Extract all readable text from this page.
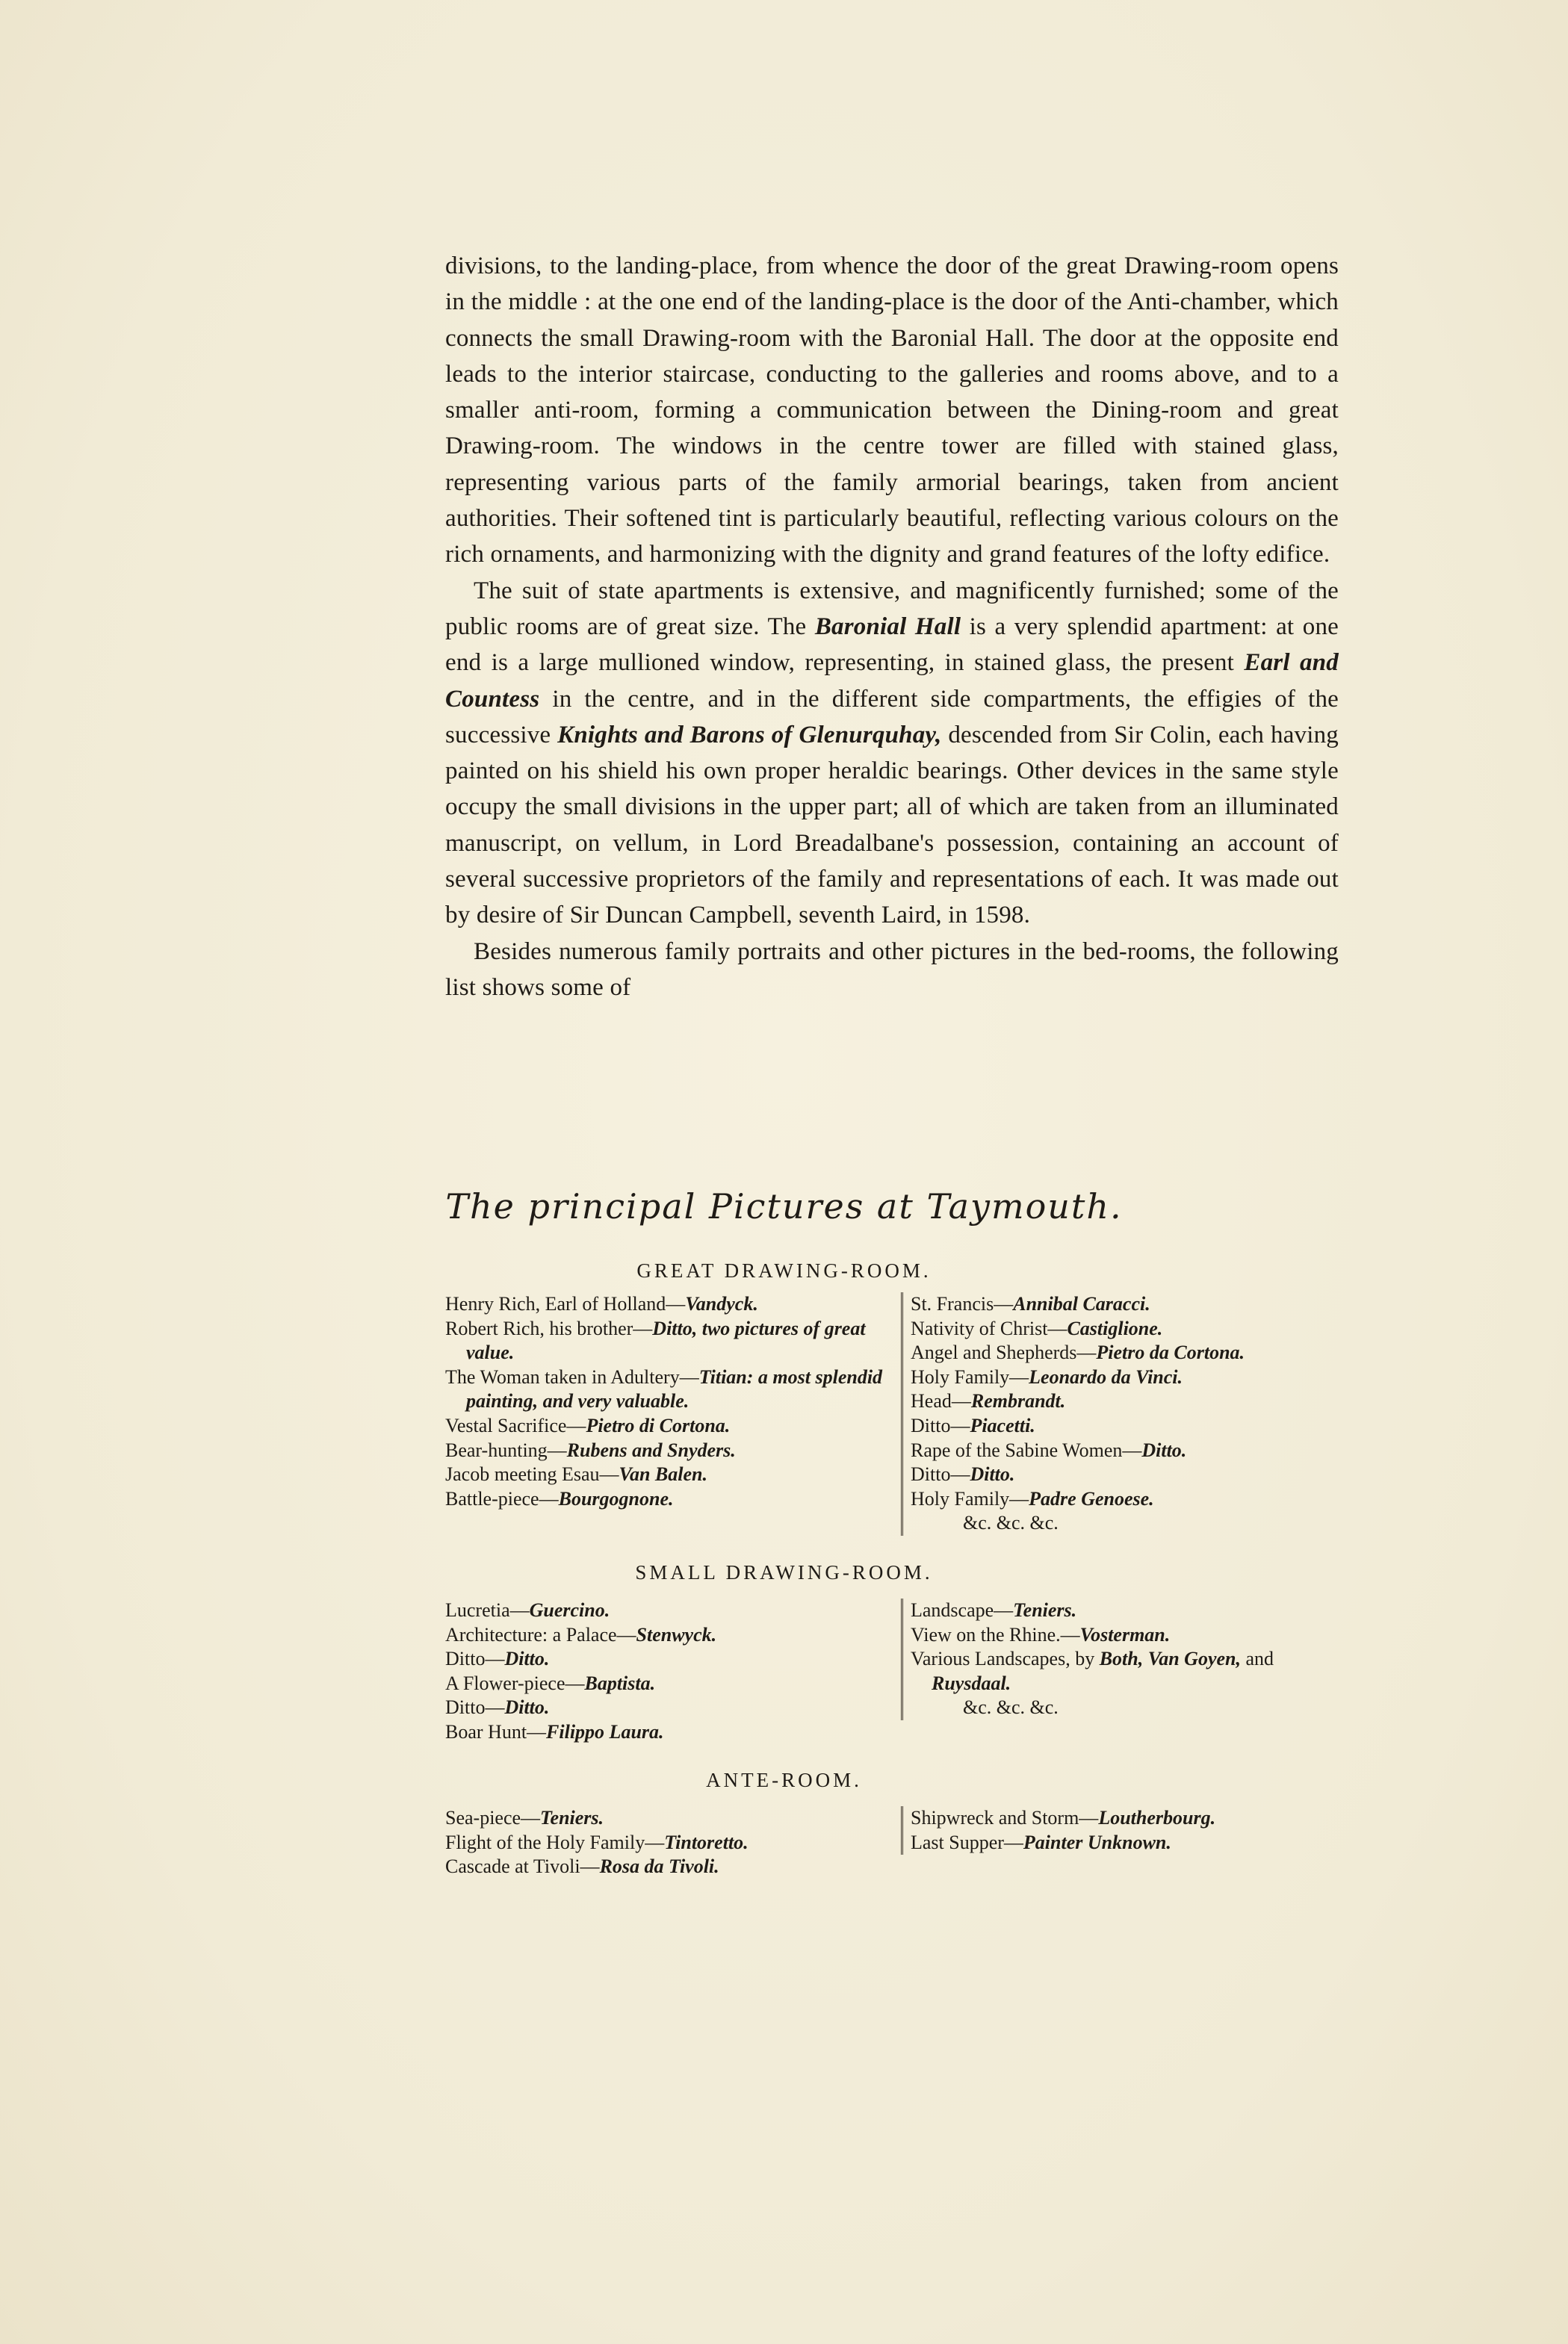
divisions, to the landing-place, from whence the door of the great Drawing-room opens in the middle : at the one end of the landing-place is the door of the Anti-chamber, which connects the small Drawing-room with the Baronial Hall. The door at the opposite end leads to the interior staircase, conducting to the galleries and rooms above, and to a smaller anti-room, forming a communication between the Dining-room and great Drawing-room. The windows in the centre tower are filled with stained glass, representing various parts of the family armorial bearings, taken from ancient authorities. Their softened tint is particularly beautiful, reflecting various colours on the rich ornaments, and harmonizing with the dignity and grand features of the lofty edifice.

The suit of state apartments is extensive, and magnificently furnished; some of the public rooms are of great size. The Baronial Hall is a very splendid apartment: at one end is a large mullioned window, representing, in stained glass, the present Earl and Countess in the centre, and in the different side compartments, the effigies of the successive Knights and Barons of Glenurquhay, descended from Sir Colin, each having painted on his shield his own proper heraldic bearings. Other devices in the same style occupy the small divisions in the upper part; all of which are taken from an illuminated manuscript, on vellum, in Lord Breadalbane's possession, containing an account of several successive proprietors of the family and representations of each. It was made out by desire of Sir Duncan Campbell, seventh Laird, in 1598.

Besides numerous family portraits and other pictures in the bed-rooms, the following list shows some of

The principal Pictures at Taymouth.
GREAT DRAWING-ROOM.

Henry Rich, Earl of Holland—Vandyck.

Robert Rich, his brother—Ditto, two pictures of great value.

The Woman taken in Adultery—Titian: a most splendid painting, and very valuable.

Vestal Sacrifice—Pietro di Cortona.

Bear-hunting—Rubens and Snyders.

Jacob meeting Esau—Van Balen.

Battle-piece—Bourgognone.

St. Francis—Annibal Caracci.

Nativity of Christ—Castiglione.

Angel and Shepherds—Pietro da Cortona.

Holy Family—Leonardo da Vinci.

Head—Rembrandt.

Ditto—Piacetti.

Rape of the Sabine Women—Ditto.

Ditto—Ditto.

Holy Family—Padre Genoese.

&c. &c. &c.

SMALL DRAWING-ROOM.

Lucretia—Guercino.

Architecture: a Palace—Stenwyck.

Ditto—Ditto.

A Flower-piece—Baptista.

Ditto—Ditto.

Boar Hunt—Filippo Laura.

Landscape—Teniers.

View on the Rhine.—Vosterman.

Various Landscapes, by Both, Van Goyen, and Ruysdaal.

&c. &c. &c.

ANTE-ROOM.

Sea-piece—Teniers.

Flight of the Holy Family—Tintoretto.

Cascade at Tivoli—Rosa da Tivoli.

Shipwreck and Storm—Loutherbourg.

Last Supper—Painter Unknown.
